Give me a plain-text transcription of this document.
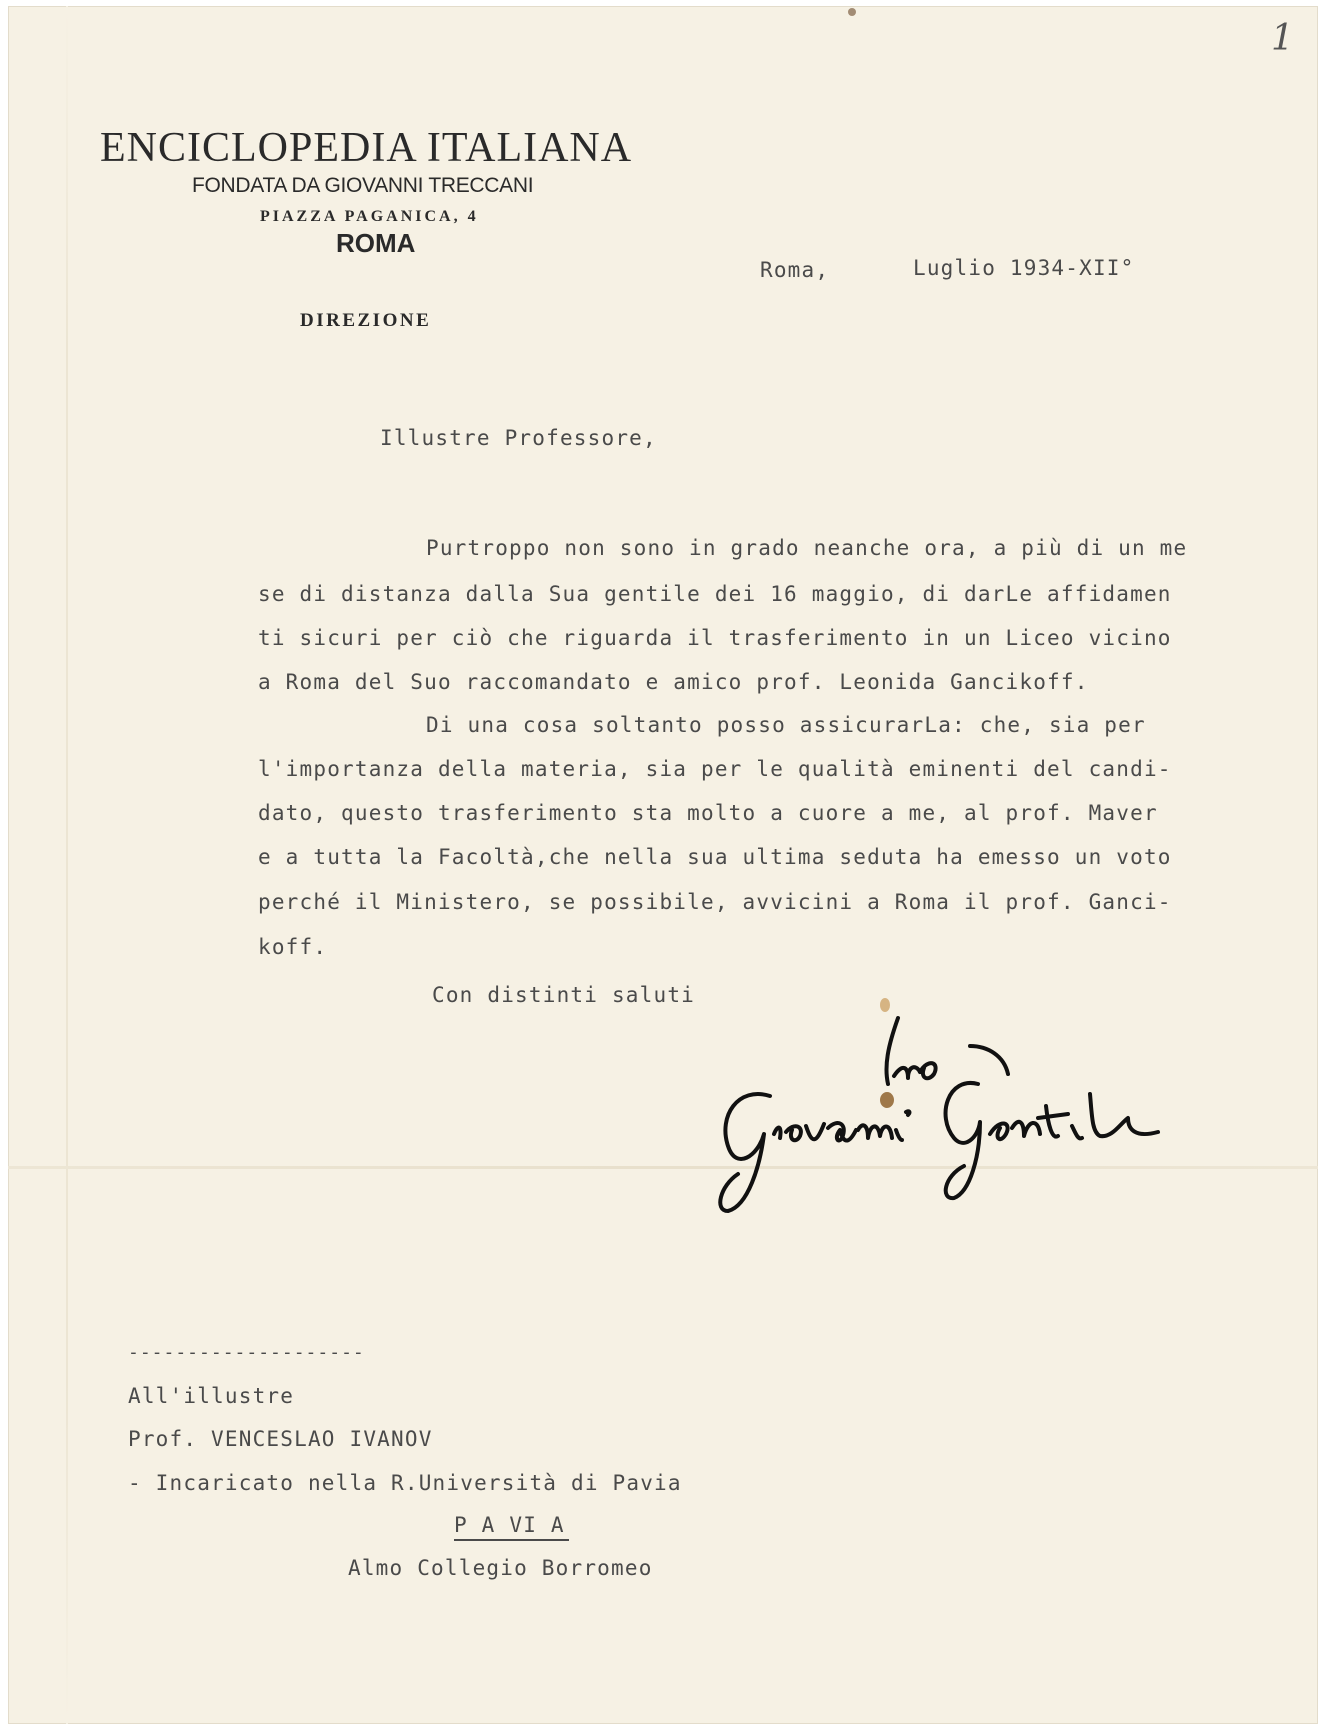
1
ENCICLOPEDIA ITALIANA
FONDATA DA GIOVANNI TRECCANI
PIAZZA PAGANICA, 4
ROMA
DIREZIONE
Roma,	Luglio 1934-XII°
Illustre Professore,
Purtroppo non sono in grado neanche ora, a più di un me
se di distanza dalla Sua gentile dei 16 maggio, di darLe affidamen
ti sicuri per ciò che riguarda il trasferimento in un Liceo vicino
a Roma del Suo raccomandato e amico prof. Leonida Gancikoff.
Di una cosa soltanto posso assicurarLa: che, sia per
l'importanza della materia, sia per le qualità eminenti del candi-
dato, questo trasferimento sta molto a cuore a me, al prof. Maver
e a tutta la Facoltà,che nella sua ultima seduta ha emesso un voto
perché il Ministero, se possibile, avvicini a Roma il prof. Ganci-
koff.
Con distinti saluti
--------------------
All'illustre
Prof. VENCESLAO IVANOV
- Incaricato nella R.Università di Pavia
P A VI A
Almo Collegio Borromeo
